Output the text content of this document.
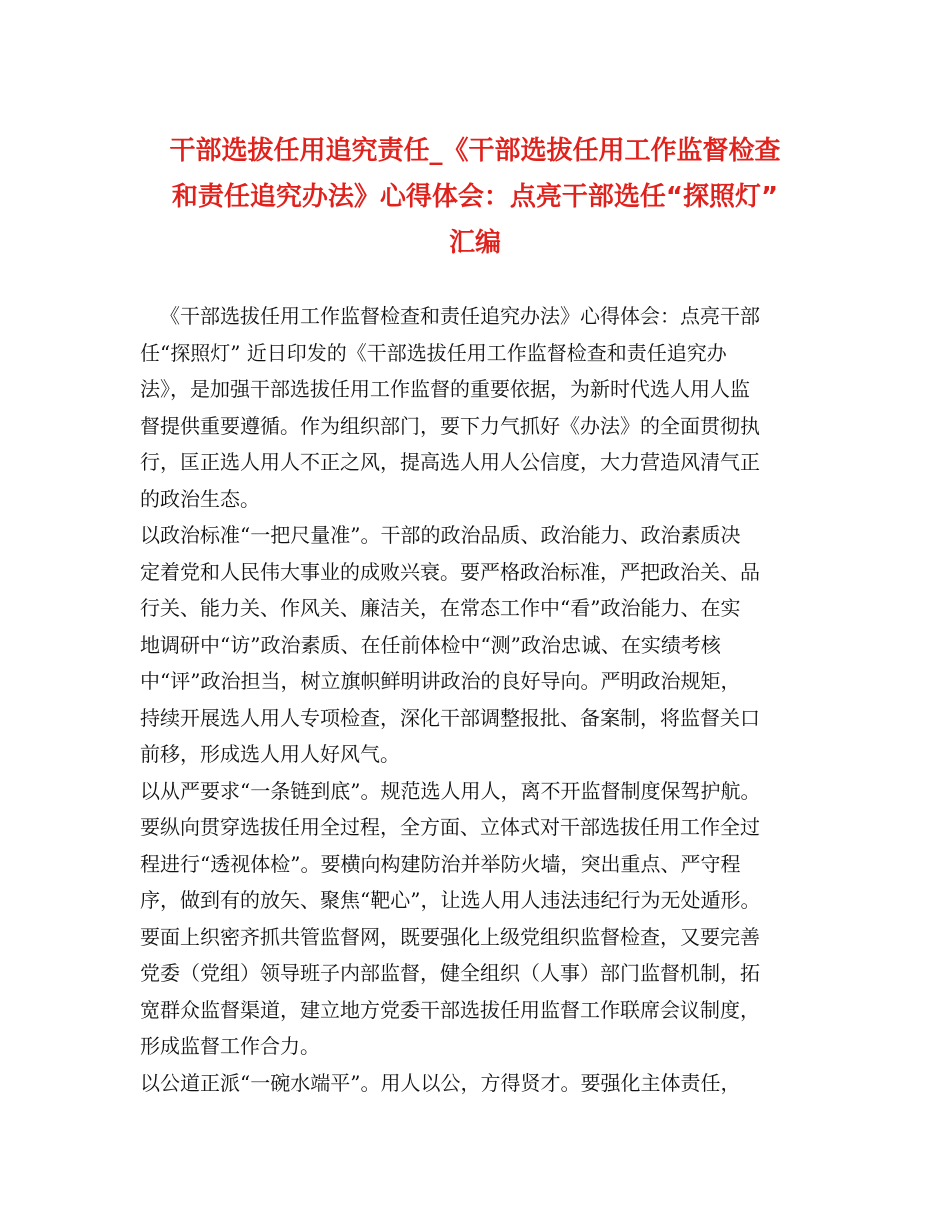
干部选拔任用追究责任_《干部选拔任用工作监督检查
和责任追究办法》心得体会：点亮干部选任“探照灯”
汇编
《干部选拔任用工作监督检查和责任追究办法》心得体会：点亮干部
任“探照灯” 近日印发的《干部选拔任用工作监督检查和责任追究办
法》，是加强干部选拔任用工作监督的重要依据，为新时代选人用人监
督提供重要遵循。作为组织部门，要下力气抓好《办法》的全面贯彻执
行，匡正选人用人不正之风，提高选人用人公信度，大力营造风清气正
的政治生态。
以政治标准“一把尺量准”。干部的政治品质、政治能力、政治素质决
定着党和人民伟大事业的成败兴衰。要严格政治标准，严把政治关、品
行关、能力关、作风关、廉洁关，在常态工作中“看”政治能力、在实
地调研中“访”政治素质、在任前体检中“测”政治忠诚、在实绩考核
中“评”政治担当，树立旗帜鲜明讲政治的良好导向。严明政治规矩，
持续开展选人用人专项检查，深化干部调整报批、备案制，将监督关口
前移，形成选人用人好风气。
以从严要求“一条链到底”。规范选人用人，离不开监督制度保驾护航。
要纵向贯穿选拔任用全过程，全方面、立体式对干部选拔任用工作全过
程进行“透视体检”。要横向构建防治并举防火墙，突出重点、严守程
序，做到有的放矢、聚焦“靶心”，让选人用人违法违纪行为无处遁形。
要面上织密齐抓共管监督网，既要强化上级党组织监督检查，又要完善
党委（党组）领导班子内部监督，健全组织（人事）部门监督机制，拓
宽群众监督渠道，建立地方党委干部选拔任用监督工作联席会议制度，
形成监督工作合力。
以公道正派“一碗水端平”。用人以公，方得贤才。要强化主体责任，
